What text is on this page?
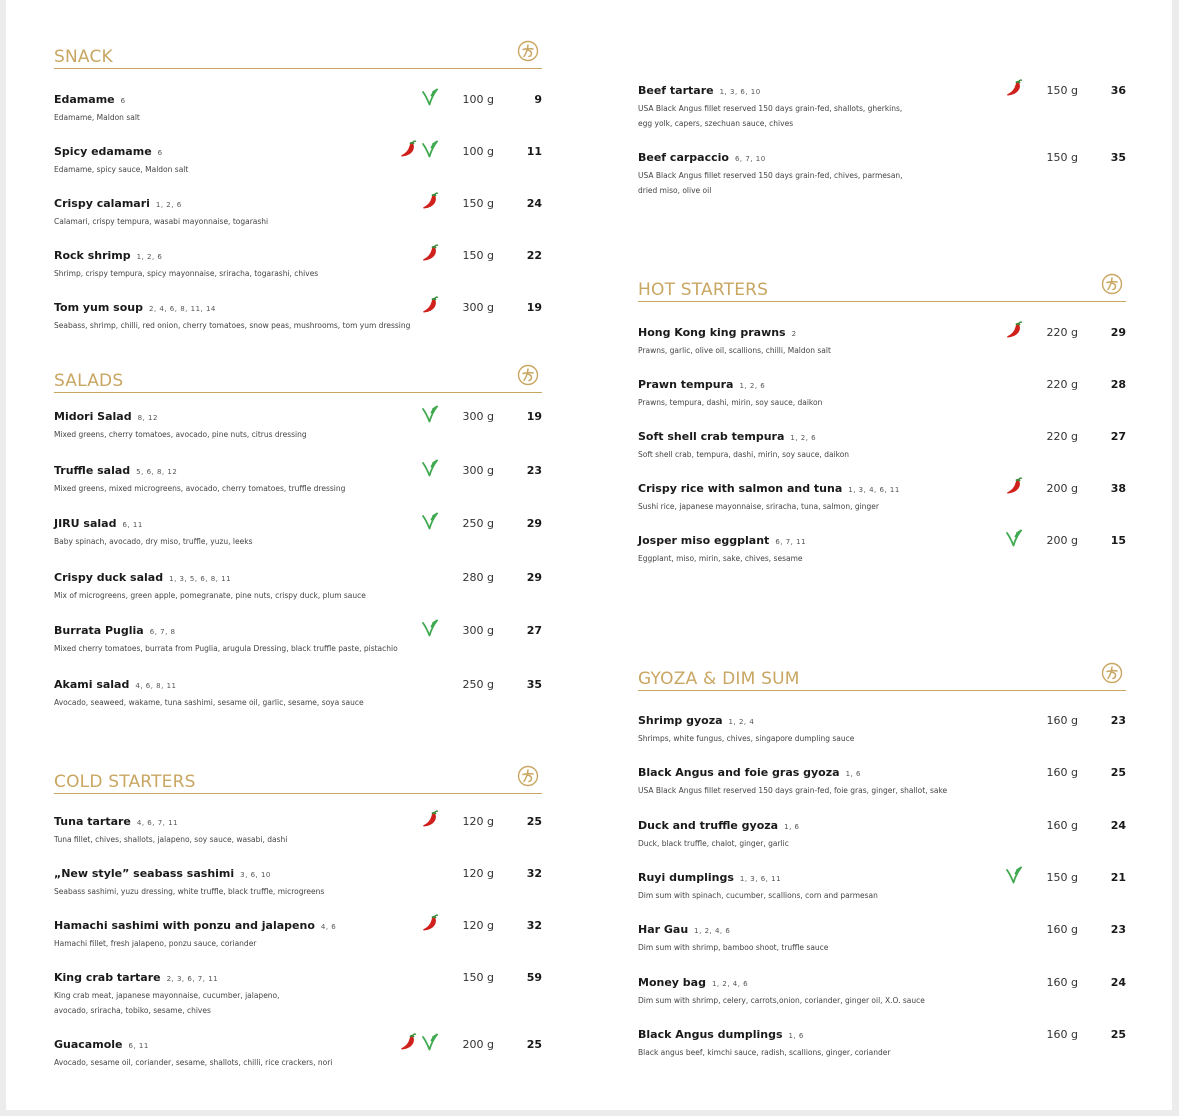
SNACK
Edamame 6
Edamame, Maldon salt
100 g	9
Spicy edamame 6
Edamame, spicy sauce, Maldon salt
100 g	11
Crispy calamari 1, 2, 6
Calamari, crispy tempura, wasabi mayonnaise, togarashi
150 g	24
Rock shrimp 1, 2, 6
Shrimp, crispy tempura, spicy mayonnaise, sriracha, togarashi, chives
150 g	22
Tom yum soup 2, 4, 6, 8, 11, 14
Seabass, shrimp, chilli, red onion, cherry tomatoes, snow peas, mushrooms, tom yum dressing
300 g	19
SALADS
Midori Salad 8, 12
Mixed greens, cherry tomatoes, avocado, pine nuts, citrus dressing
300 g	19
Truffle salad 5, 6, 8, 12
Mixed greens, mixed microgreens, avocado, cherry tomatoes, truffle dressing
300 g	23
JIRU salad 6, 11
Baby spinach, avocado, dry miso, truffle, yuzu, leeks
250 g	29
Crispy duck salad 1, 3, 5, 6, 8, 11
Mix of microgreens, green apple, pomegranate, pine nuts, crispy duck, plum sauce
280 g	29
Burrata Puglia 6, 7, 8
Mixed cherry tomatoes, burrata from Puglia, arugula Dressing, black truffle paste, pistachio
300 g	27
Akami salad 4, 6, 8, 11
Avocado, seaweed, wakame, tuna sashimi, sesame oil, garlic, sesame, soya sauce
250 g	35
COLD STARTERS
Tuna tartare 4, 6, 7, 11
Tuna fillet, chives, shallots, jalapeno, soy sauce, wasabi, dashi
120 g	25
„New style” seabass sashimi 3, 6, 10
Seabass sashimi, yuzu dressing, white truffle, black truffle, microgreens
120 g	32
Hamachi sashimi with ponzu and jalapeno 4, 6
Hamachi fillet, fresh jalapeno, ponzu sauce, coriander
120 g	32
King crab tartare 2, 3, 6, 7, 11
King crab meat, japanese mayonnaise, cucumber, jalapeno,
avocado, sriracha, tobiko, sesame, chives
150 g	59
Guacamole 6, 11
Avocado, sesame oil, coriander, sesame, shallots, chilli, rice crackers, nori
200 g	25
Beef tartare 1, 3, 6, 10
USA Black Angus fillet reserved 150 days grain-fed, shallots, gherkins,
egg yolk, capers, szechuan sauce, chives
150 g	36
Beef carpaccio 6, 7, 10
USA Black Angus fillet reserved 150 days grain-fed, chives, parmesan,
dried miso, olive oil
150 g	35
HOT STARTERS
Hong Kong king prawns 2
Prawns, garlic, olive oil, scallions, chilli, Maldon salt
220 g	29
Prawn tempura 1, 2, 6
Prawns, tempura, dashi, mirin, soy sauce, daikon
220 g	28
Soft shell crab tempura 1, 2, 6
Soft shell crab, tempura, dashi, mirin, soy sauce, daikon
220 g	27
Crispy rice with salmon and tuna 1, 3, 4, 6, 11
Sushi rice, japanese mayonnaise, sriracha, tuna, salmon, ginger
200 g	38
Josper miso eggplant 6, 7, 11
Eggplant, miso, mirin, sake, chives, sesame
200 g	15
GYOZA & DIM SUM
Shrimp gyoza 1, 2, 4
Shrimps, white fungus, chives, singapore dumpling sauce
160 g	23
Black Angus and foie gras gyoza 1, 6
USA Black Angus fillet reserved 150 days grain-fed, foie gras, ginger, shallot, sake
160 g	25
Duck and truffle gyoza 1, 6
Duck, black truffle, chalot, ginger, garlic
160 g	24
Ruyi dumplings 1, 3, 6, 11
Dim sum with spinach, cucumber, scallions, corn and parmesan
150 g	21
Har Gau 1, 2, 4, 6
Dim sum with shrimp, bamboo shoot, truffle sauce
160 g	23
Money bag 1, 2, 4, 6
Dim sum with shrimp, celery, carrots,onion, coriander, ginger oil, X.O. sauce
160 g	24
Black Angus dumplings 1, 6
Black angus beef, kimchi sauce, radish, scallions, ginger, coriander
160 g	25
